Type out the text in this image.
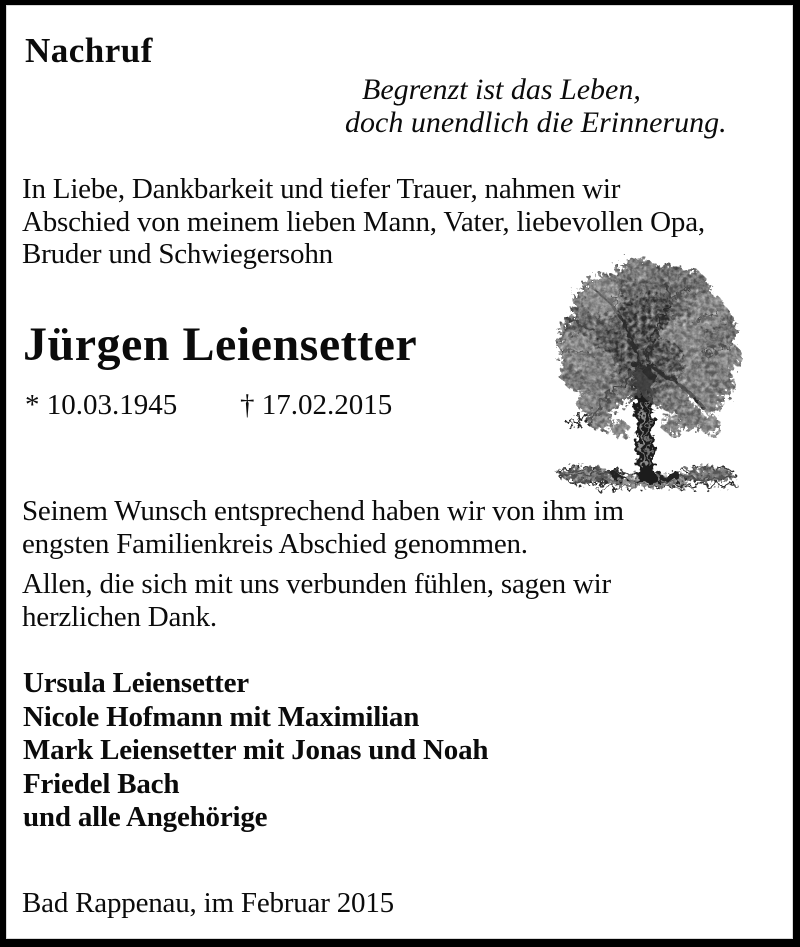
Nachruf
Begrenzt ist das Leben,
doch unendlich die Erinnerung.
In Liebe, Dankbarkeit und tiefer Trauer, nahmen wir
Abschied von meinem lieben Mann, Vater, liebevollen Opa,
Bruder und Schwiegersohn
Jürgen Leiensetter
* 10.03.1945 † 17.02.2015
Seinem Wunsch entsprechend haben wir von ihm im
engsten Familienkreis Abschied genommen.
Allen, die sich mit uns verbunden fühlen, sagen wir
herzlichen Dank.
Ursula Leiensetter
Nicole Hofmann mit Maximilian
Mark Leiensetter mit Jonas und Noah
Friedel Bach
und alle Angehörige
Bad Rappenau, im Februar 2015
